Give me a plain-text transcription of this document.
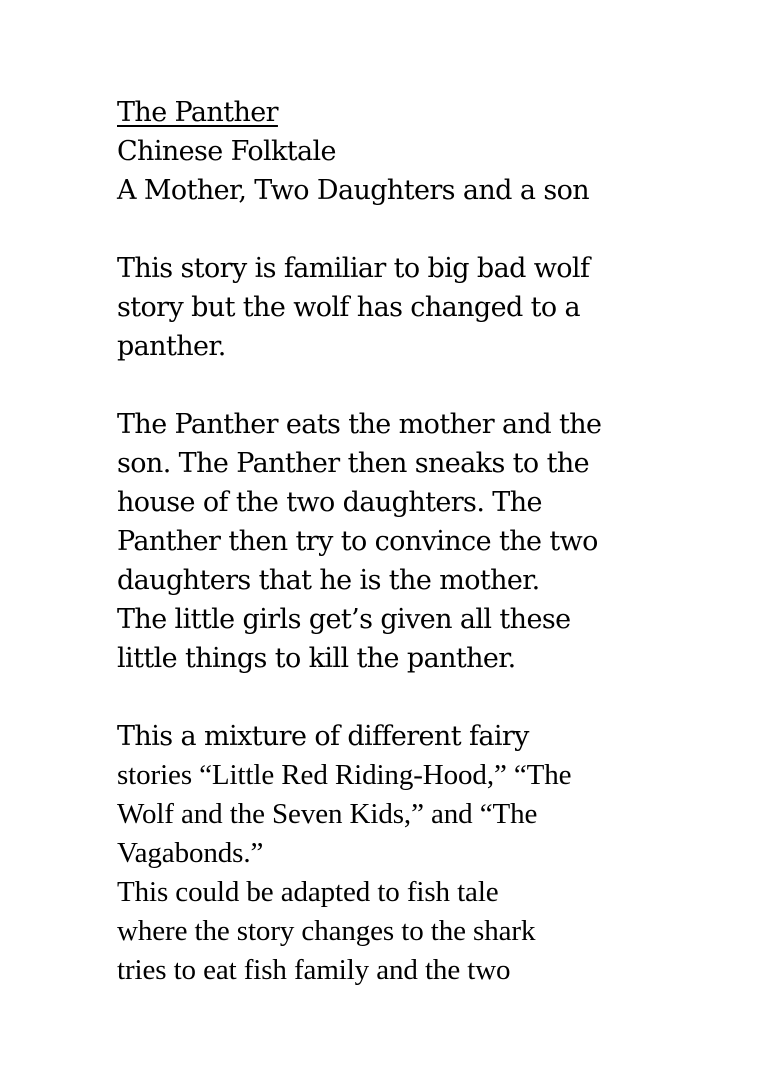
The Panther
Chinese Folktale
A Mother, Two Daughters and a son
This story is familiar to big bad wolf
story but the wolf has changed to a
panther.
The Panther eats the mother and the
son. The Panther then sneaks to the
house of the two daughters. The
Panther then try to convince the two
daughters that he is the mother.
The little girls get’s given all these
little things to kill the panther.
This a mixture of different fairy
stories “Little Red Riding-Hood,” “The
Wolf and the Seven Kids,” and “The
Vagabonds.”
This could be adapted to fish tale
where the story changes to the shark
tries to eat fish family and the two
